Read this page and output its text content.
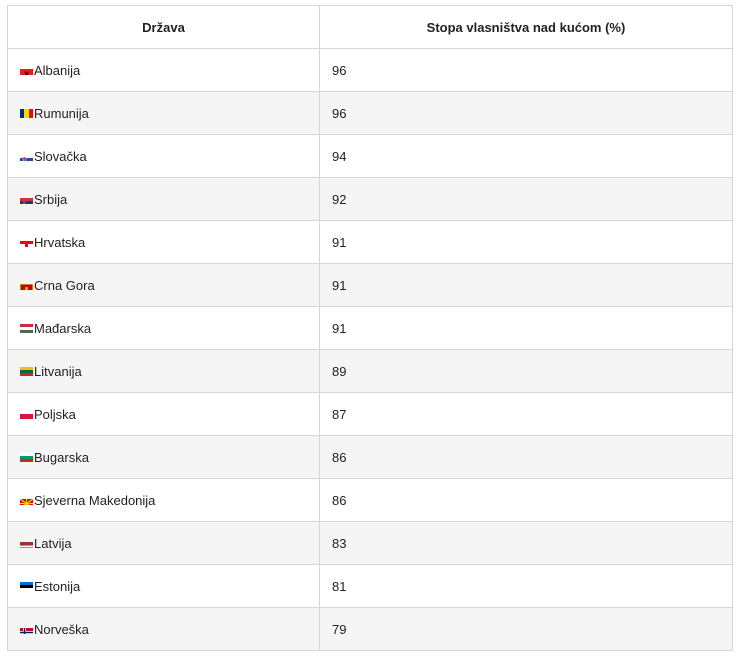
Država	Stopa vlasništva nad kućom (%)

Albanija	96

Rumunija	96

Slovačka	94

Srbija	92

Hrvatska	91

Crna Gora	91

Mađarska	91

Litvanija	89

Poljska	87

Bugarska	86

Sjeverna Makedonija	86

Latvija	83

Estonija	81

Norveška	79
